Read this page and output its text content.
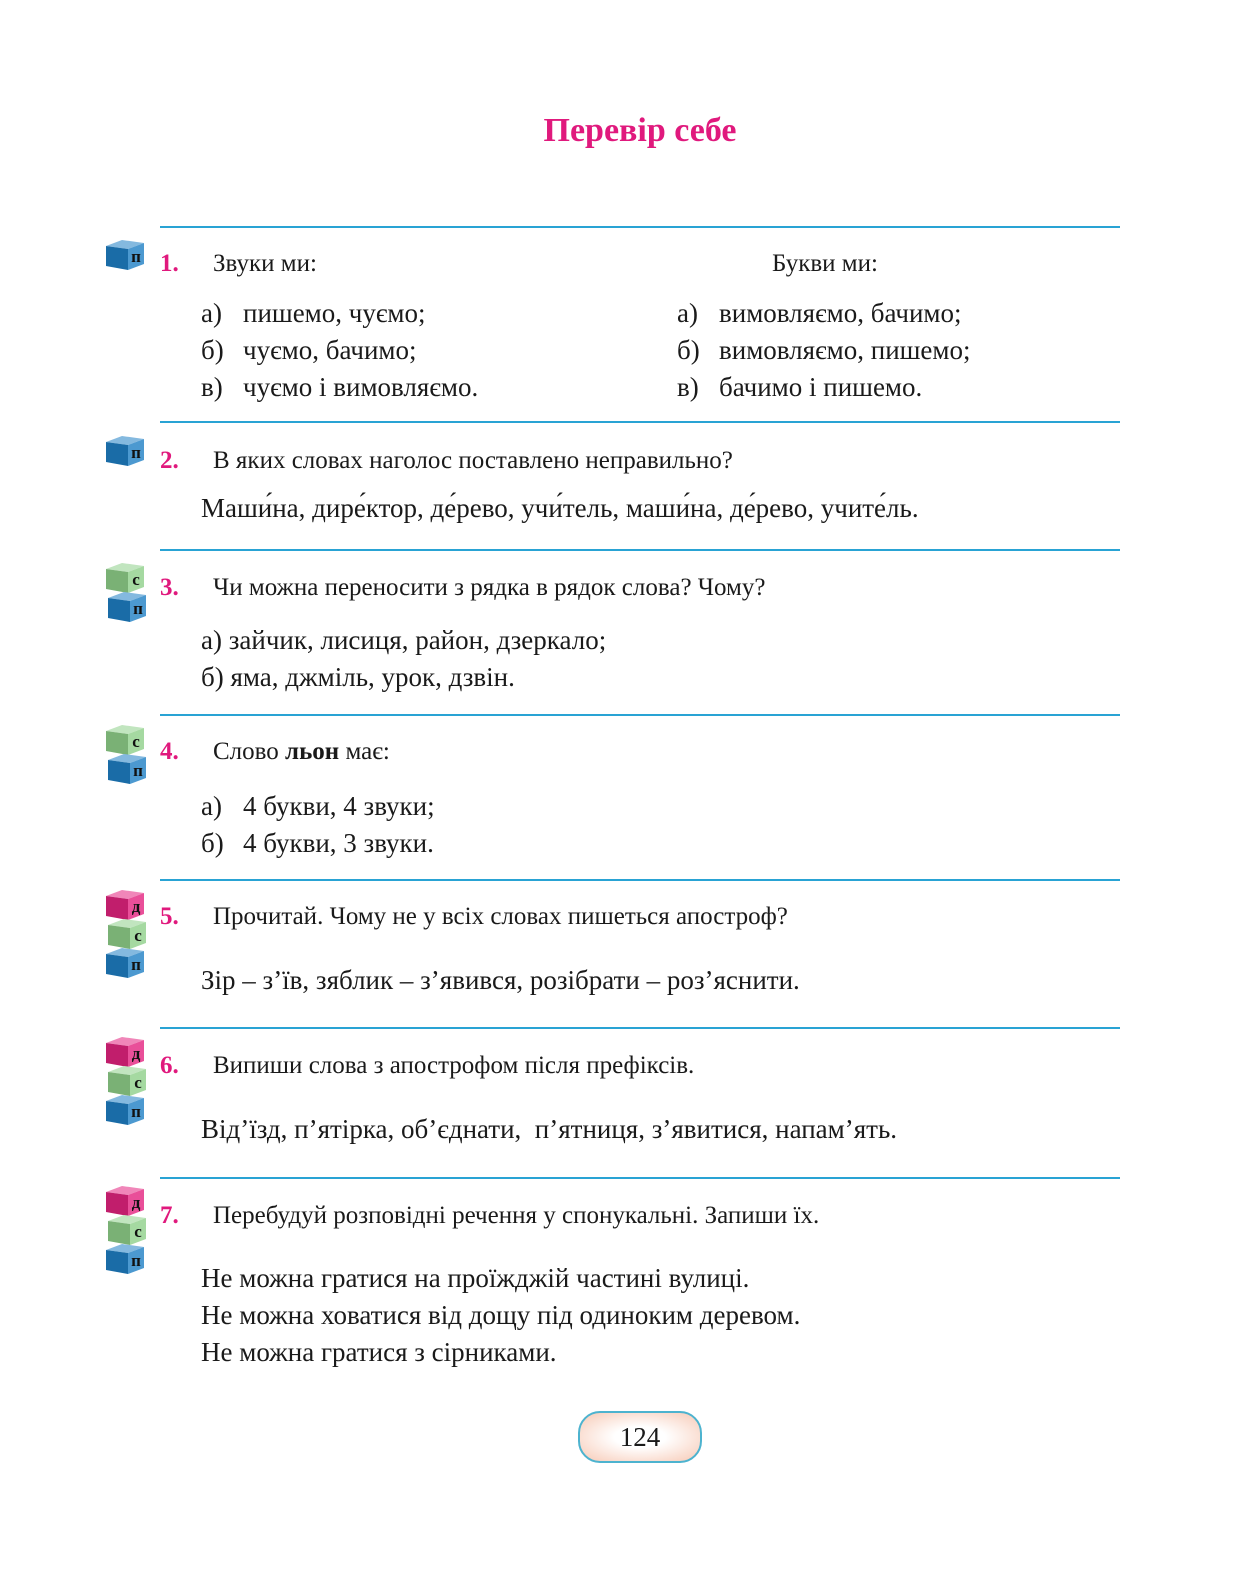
Перевір себе
п 1. Звуки ми:	Букви ми:
а) пишемо, чуємо;
б) чуємо, бачимо;
в) чуємо і вимовляємо.
а) вимовляємо, бачимо;
б) вимовляємо, пишемо;
в) бачимо і пишемо.
п 2. В яких словах наголос поставлено неправильно?
Маши́на, дире́ктор, де́рево, учи́тель, маши́на, де́рево, учите́ль.
с
п
3. Чи можна переносити з рядка в рядок слова? Чому?
а) зайчик, лисиця, район, дзеркало;
б) яма, джміль, урок, дзвін.
с
п
4. Слово льон має:
а) 4 букви, 4 звуки;
б) 4 букви, 3 звуки.
д
с
п
5. Прочитай. Чому не у всіх словах пишеться апостроф?
Зір – з’їв, зяблик – з’явився, розібрати – роз’яснити.
д
с
п
6. Випиши слова з апострофом після префіксів.
Від’їзд, п’ятірка, об’єднати,  п’ятниця, з’явитися, напам’ять.
д
с
п
7. Перебудуй розповідні речення у спонукальні. Запиши їх.
Не можна гратися на проїжджій частині вулиці.
Не можна ховатися від дощу під одиноким деревом.
Не можна гратися з сірниками.
124
